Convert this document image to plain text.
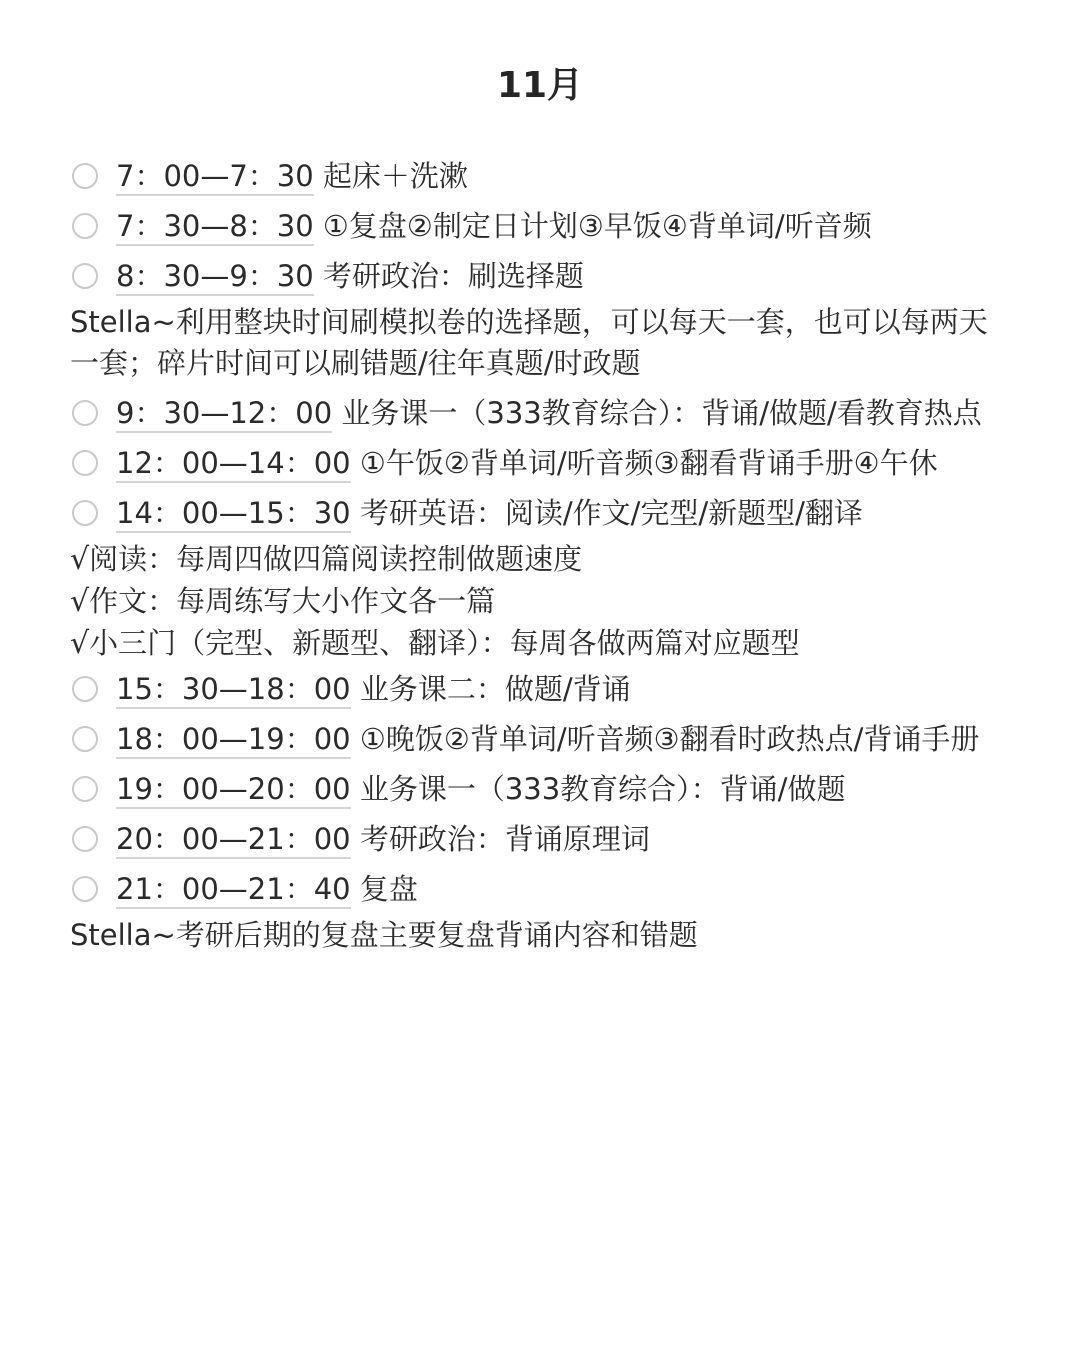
11月
7：00—7：30 起床＋洗漱
7：30—8：30 ①复盘②制定日计划③早饭④背单词/听音频
8：30—9：30 考研政治：刷选择题
Stella~利用整块时间刷模拟卷的选择题，可以每天一套，也可以每两天一套；碎片时间可以刷错题/往年真题/时政题
9：30—12：00 业务课一（333教育综合）：背诵/做题/看教育热点
12：00—14：00 ①午饭②背单词/听音频③翻看背诵手册④午休
14：00—15：30 考研英语：阅读/作文/完型/新题型/翻译
√阅读：每周四做四篇阅读控制做题速度
√作文：每周练写大小作文各一篇
√小三门（完型、新题型、翻译）：每周各做两篇对应题型
15：30—18：00 业务课二：做题/背诵
18：00—19：00 ①晚饭②背单词/听音频③翻看时政热点/背诵手册
19：00—20：00 业务课一（333教育综合）：背诵/做题
20：00—21：00 考研政治：背诵原理词
21：00—21：40 复盘
Stella~考研后期的复盘主要复盘背诵内容和错题
